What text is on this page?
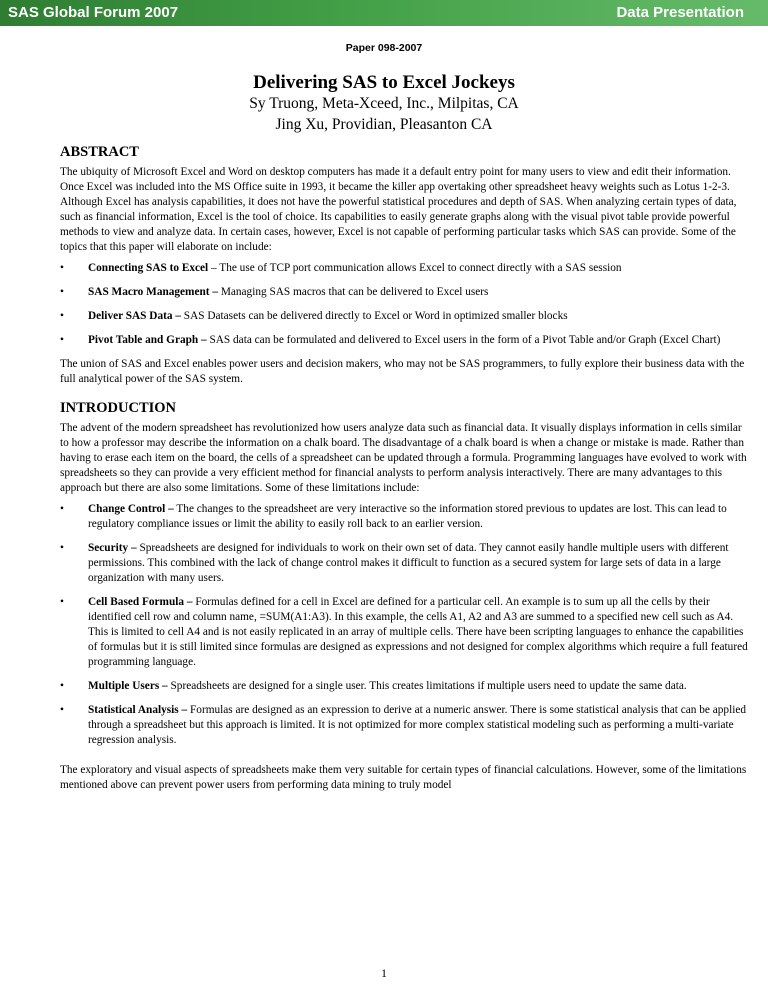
SAS Global Forum 2007	Data Presentation
Paper 098-2007
Delivering SAS to Excel Jockeys
Sy Truong, Meta-Xceed, Inc., Milpitas, CA
Jing Xu, Providian, Pleasanton CA
ABSTRACT

The ubiquity of Microsoft Excel and Word on desktop computers has made it a default entry point for many users to view and edit their information. Once Excel was included into the MS Office suite in 1993, it became the killer app overtaking other spreadsheet heavy weights such as Lotus 1-2-3. Although Excel has analysis capabilities, it does not have the powerful statistical procedures and depth of SAS. When analyzing certain types of data, such as financial information, Excel is the tool of choice. Its capabilities to easily generate graphs along with the visual pivot table provide powerful methods to view and analyze data. In certain cases, however, Excel is not capable of performing particular tasks which SAS can provide. Some of the topics that this paper will elaborate on include:

• Connecting SAS to Excel – The use of TCP port communication allows Excel to connect directly with a SAS session
• SAS Macro Management – Managing SAS macros that can be delivered to Excel users
• Deliver SAS Data – SAS Datasets can be delivered directly to Excel or Word in optimized smaller blocks
• Pivot Table and Graph – SAS data can be formulated and delivered to Excel users in the form of a Pivot Table and/or Graph (Excel Chart)

The union of SAS and Excel enables power users and decision makers, who may not be SAS programmers, to fully explore their business data with the full analytical power of the SAS system.

INTRODUCTION

The advent of the modern spreadsheet has revolutionized how users analyze data such as financial data. It visually displays information in cells similar to how a professor may describe the information on a chalk board. The disadvantage of a chalk board is when a change or mistake is made. Rather than having to erase each item on the board, the cells of a spreadsheet can be updated through a formula. Programming languages have evolved to work with spreadsheets so they can provide a very efficient method for financial analysts to perform analysis interactively. There are many advantages to this approach but there are also some limitations. Some of these limitations include:

• Change Control – The changes to the spreadsheet are very interactive so the information stored previous to updates are lost. This can lead to regulatory compliance issues or limit the ability to easily roll back to an earlier version.
• Security – Spreadsheets are designed for individuals to work on their own set of data. They cannot easily handle multiple users with different permissions. This combined with the lack of change control makes it difficult to function as a secured system for large sets of data in a large organization with many users.
• Cell Based Formula – Formulas defined for a cell in Excel are defined for a particular cell. An example is to sum up all the cells by their identified cell row and column name, =SUM(A1:A3). In this example, the cells A1, A2 and A3 are summed to a specified new cell such as A4. This is limited to cell A4 and is not easily replicated in an array of multiple cells. There have been scripting languages to enhance the capabilities of formulas but it is still limited since formulas are designed as expressions and not designed for complex algorithms which require a full featured programming language.
• Multiple Users – Spreadsheets are designed for a single user. This creates limitations if multiple users need to update the same data.
• Statistical Analysis – Formulas are designed as an expression to derive at a numeric answer. There is some statistical analysis that can be applied through a spreadsheet but this approach is limited. It is not optimized for more complex statistical modeling such as performing a multi-variate regression analysis.

The exploratory and visual aspects of spreadsheets make them very suitable for certain types of financial calculations. However, some of the limitations mentioned above can prevent power users from performing data mining to truly model

1
